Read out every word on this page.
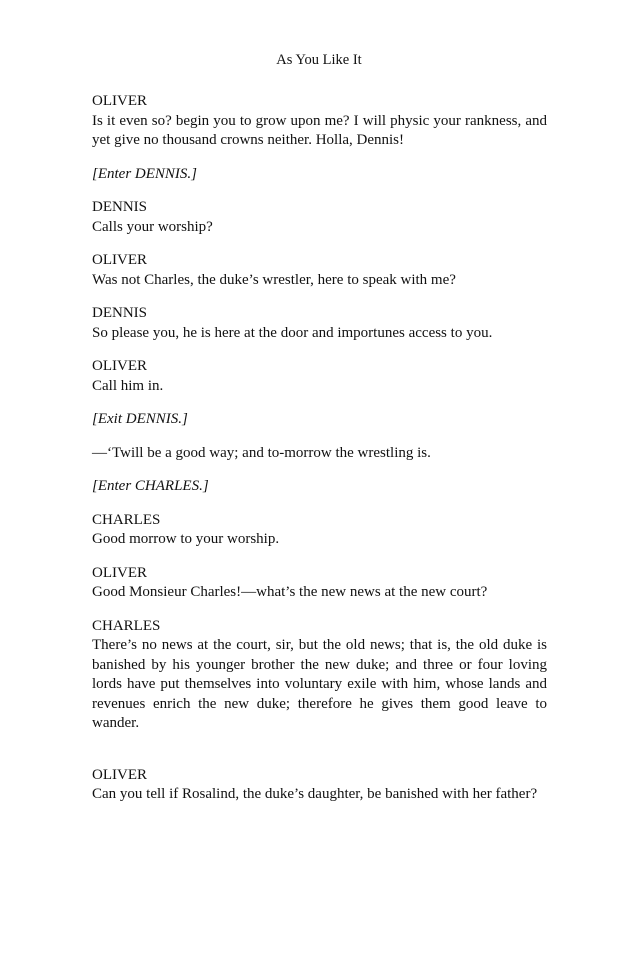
As You Like It
OLIVER
Is it even so? begin you to grow upon me? I will physic your rankness, and yet give no thousand crowns neither. Holla, Dennis!
[Enter DENNIS.]
DENNIS
Calls your worship?
OLIVER
Was not Charles, the duke’s wrestler, here to speak with me?
DENNIS
So please you, he is here at the door and importunes access to you.
OLIVER
Call him in.
[Exit DENNIS.]
—‘Twill be a good way; and to-morrow the wrestling is.
[Enter CHARLES.]
CHARLES
Good morrow to your worship.
OLIVER
Good Monsieur Charles!—what’s the new news at the new court?
CHARLES
There’s no news at the court, sir, but the old news; that is, the old duke is banished by his younger brother the new duke; and three or four loving lords have put themselves into voluntary exile with him, whose lands and revenues enrich the new duke; therefore he gives them good leave to wander.
OLIVER
Can you tell if Rosalind, the duke’s daughter, be banished with her father?
